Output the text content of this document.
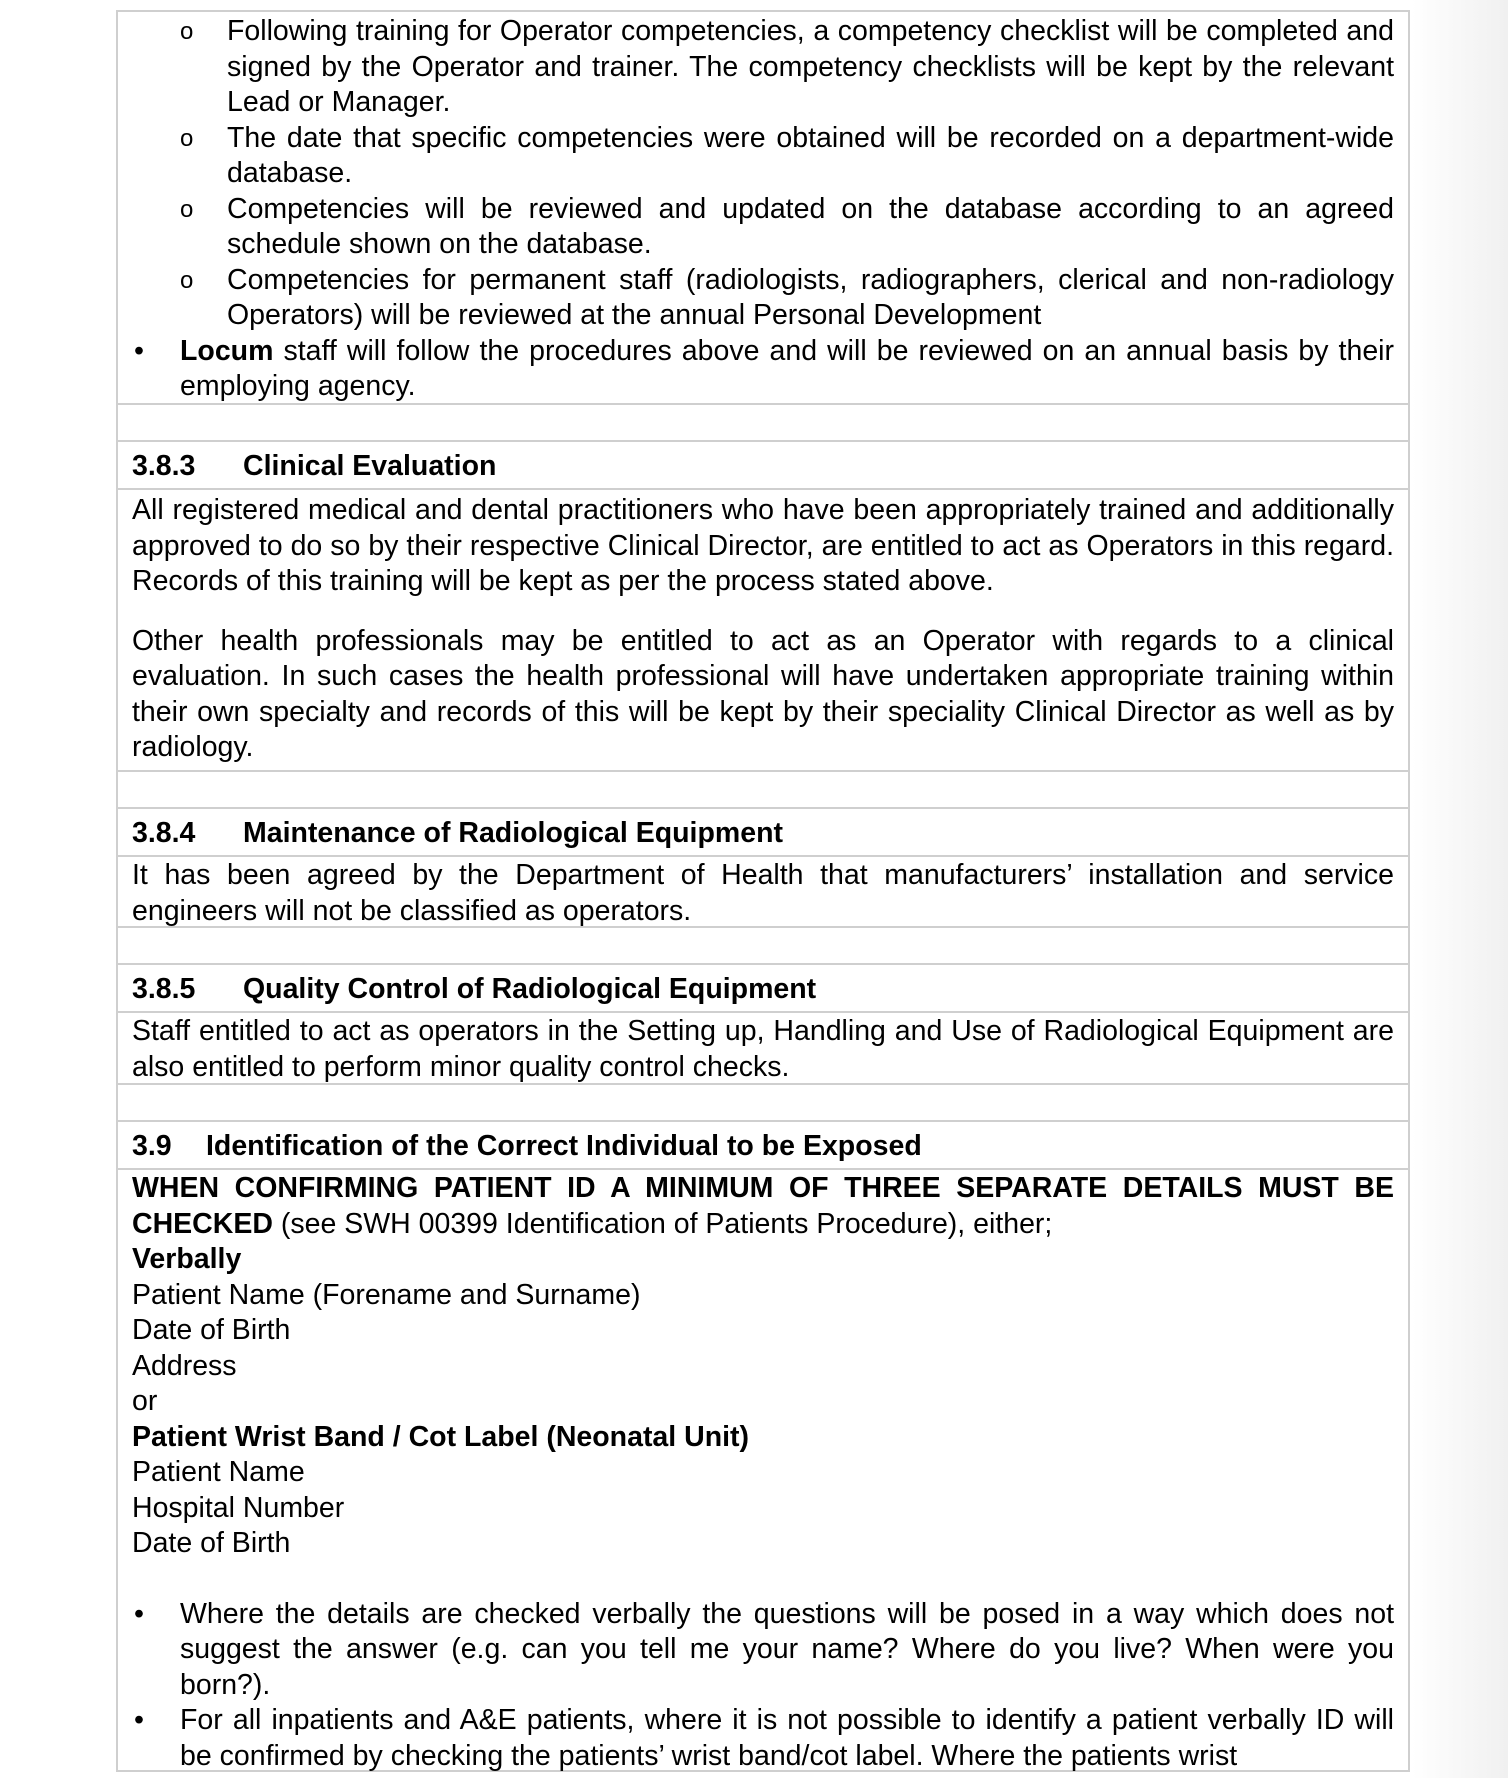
o Following training for Operator competencies, a competency checklist will be completed and signed by the Operator and trainer. The competency checklists will be kept by the relevant Lead or Manager.
o The date that specific competencies were obtained will be recorded on a department-wide database.
o Competencies will be reviewed and updated on the database according to an agreed schedule shown on the database.
o Competencies for permanent staff (radiologists, radiographers, clerical and non-radiology Operators) will be reviewed at the annual Personal Development
• Locum staff will follow the procedures above and will be reviewed on an annual basis by their employing agency.
3.8.3 Clinical Evaluation
All registered medical and dental practitioners who have been appropriately trained and additionally approved to do so by their respective Clinical Director, are entitled to act as Operators in this regard. Records of this training will be kept as per the process stated above.
Other health professionals may be entitled to act as an Operator with regards to a clinical evaluation. In such cases the health professional will have undertaken appropriate training within their own specialty and records of this will be kept by their speciality Clinical Director as well as by radiology.
3.8.4 Maintenance of Radiological Equipment
It has been agreed by the Department of Health that manufacturers’ installation and service engineers will not be classified as operators.
3.8.5 Quality Control of Radiological Equipment
Staff entitled to act as operators in the Setting up, Handling and Use of Radiological Equipment are also entitled to perform minor quality control checks.
3.9 Identification of the Correct Individual to be Exposed
WHEN CONFIRMING PATIENT ID A MINIMUM OF THREE SEPARATE DETAILS MUST BE CHECKED (see SWH 00399 Identification of Patients Procedure), either;
Verbally
Patient Name (Forename and Surname)
Date of Birth
Address
or
Patient Wrist Band / Cot Label (Neonatal Unit)
Patient Name
Hospital Number
Date of Birth
• Where the details are checked verbally the questions will be posed in a way which does not suggest the answer (e.g. can you tell me your name? Where do you live? When were you born?).
• For all inpatients and A&E patients, where it is not possible to identify a patient verbally ID will be confirmed by checking the patients’ wrist band/cot label. Where the patients wrist
